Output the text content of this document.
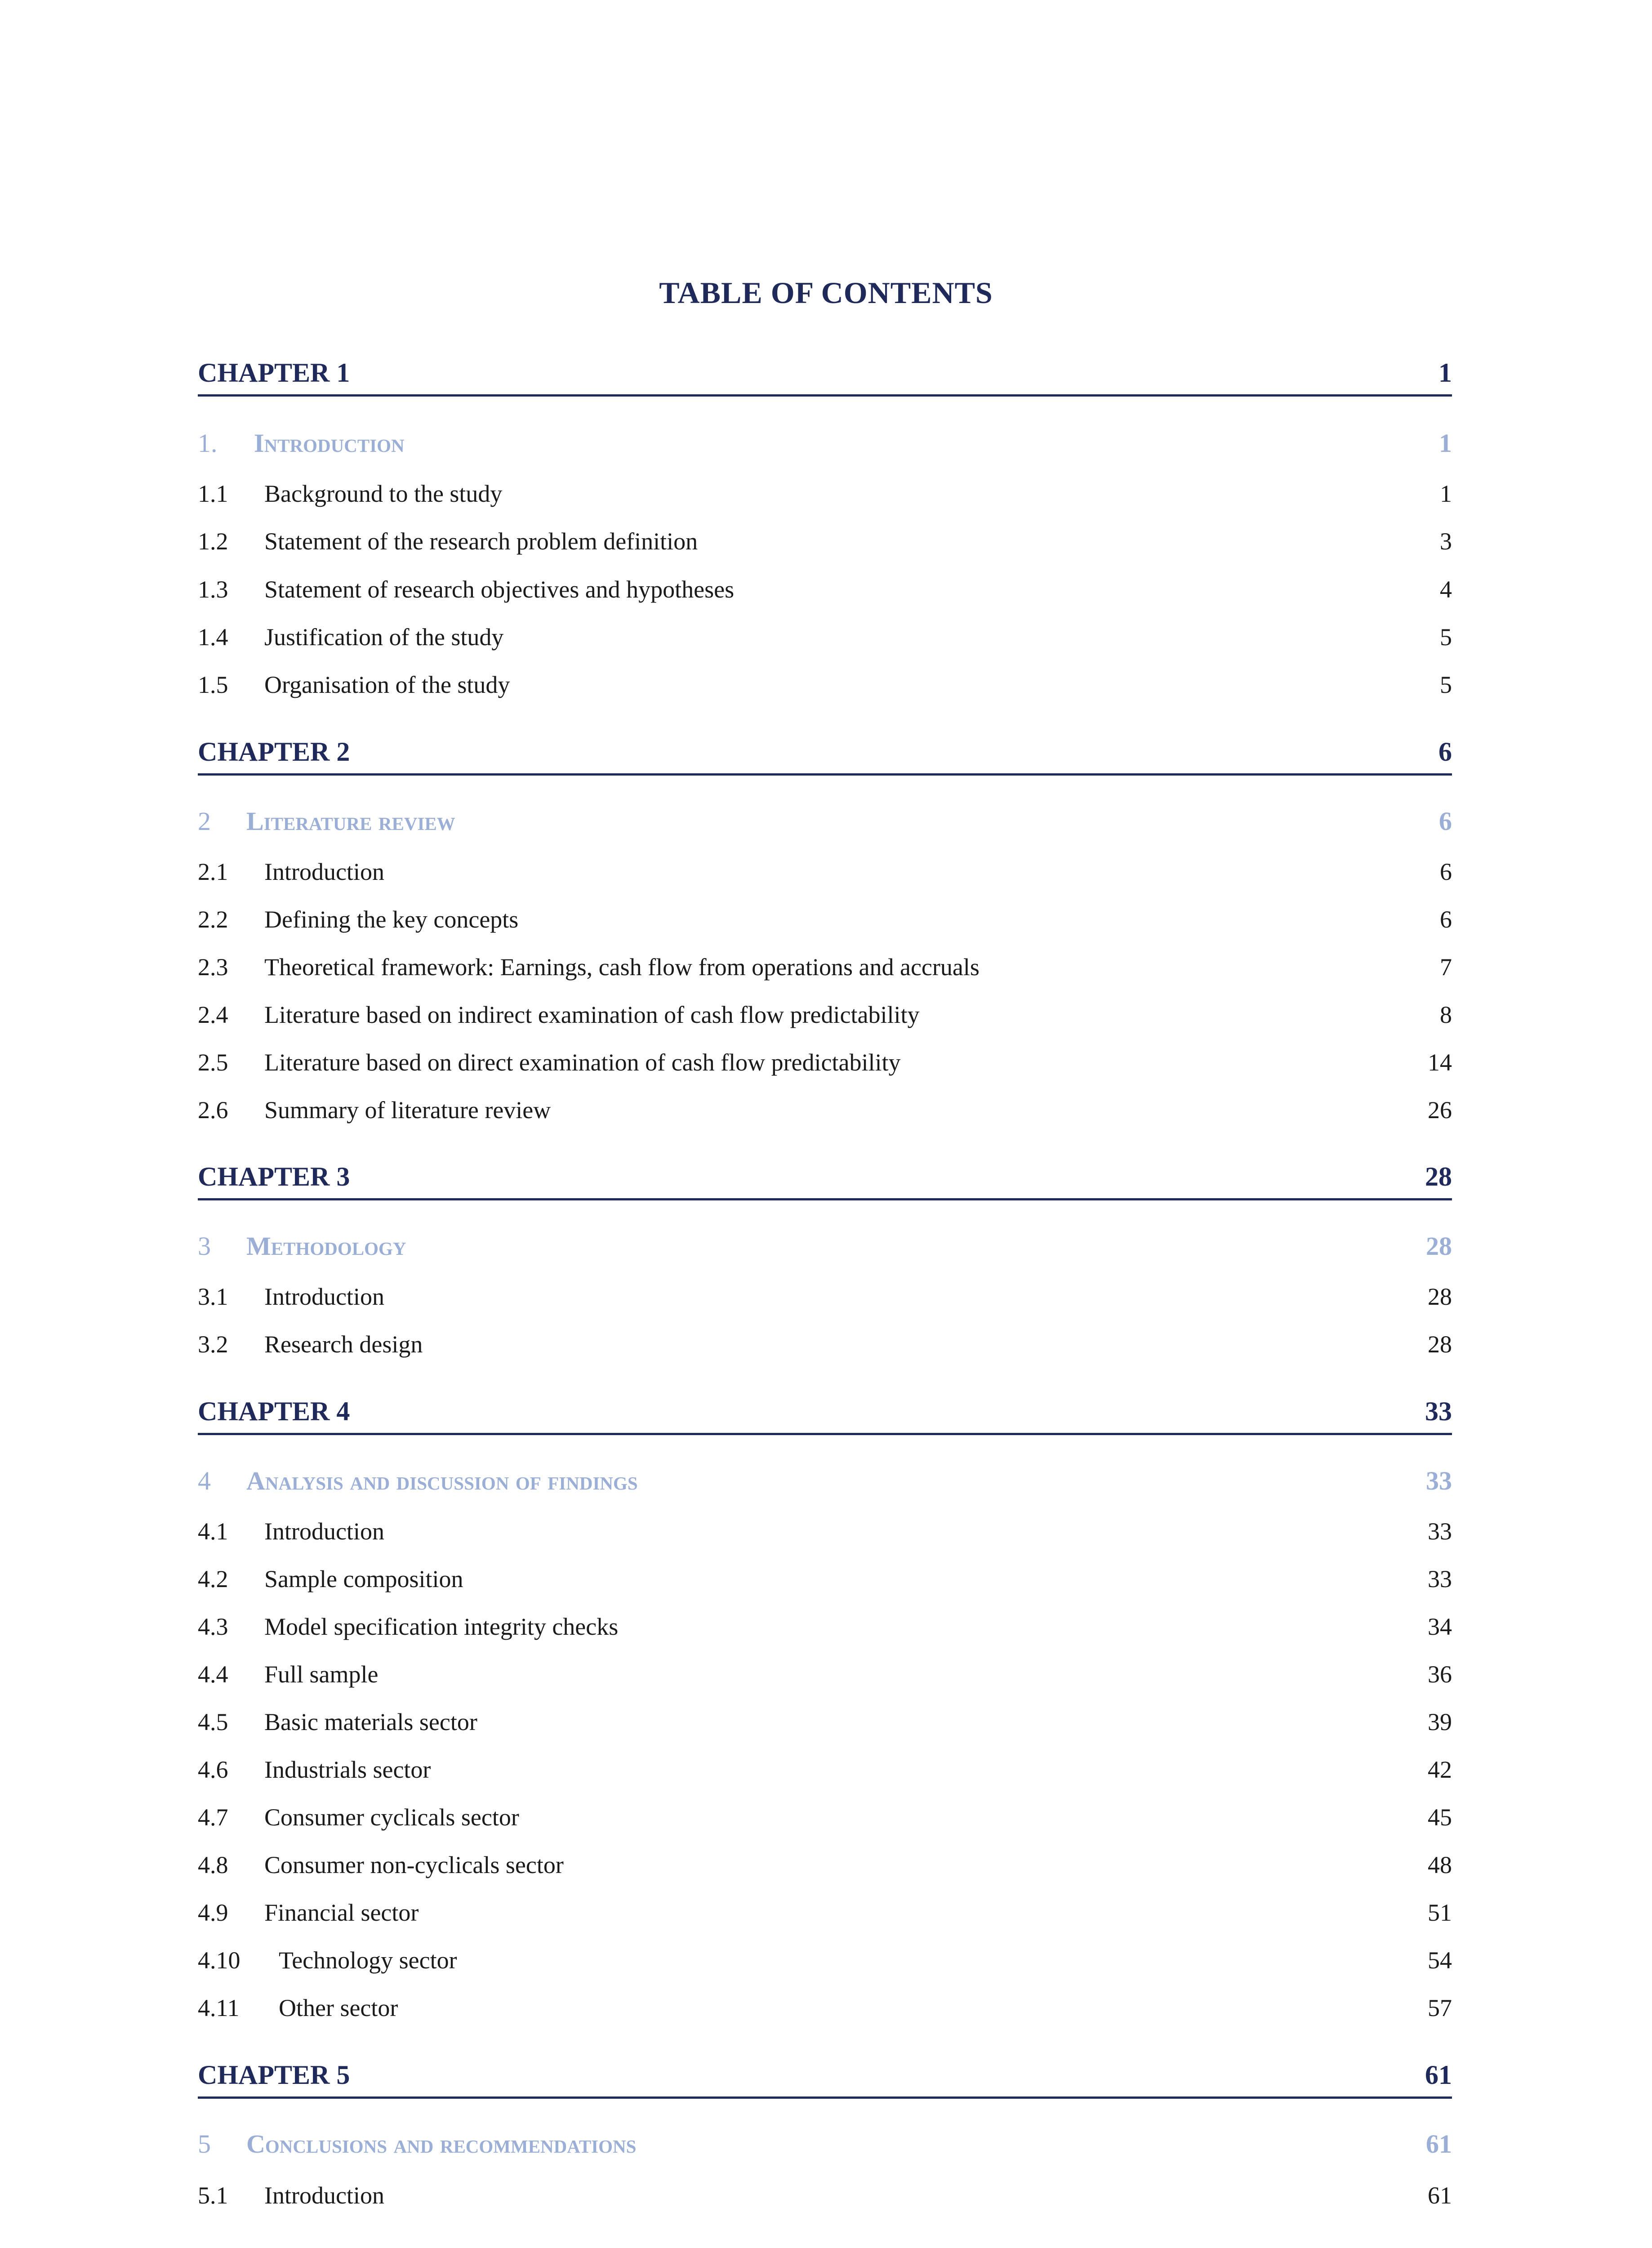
TABLE OF CONTENTS
CHAPTER 1	1
1. Introduction	1
1.1 Background to the study	1
1.2 Statement of the research problem definition	3
1.3 Statement of research objectives and hypotheses	4
1.4 Justification of the study	5
1.5 Organisation of the study	5
CHAPTER 2	6
2 Literature review	6
2.1 Introduction	6
2.2 Defining the key concepts	6
2.3 Theoretical framework: Earnings, cash flow from operations and accruals	7
2.4 Literature based on indirect examination of cash flow predictability	8
2.5 Literature based on direct examination of cash flow predictability	14
2.6 Summary of literature review	26
CHAPTER 3	28
3 Methodology	28
3.1 Introduction	28
3.2 Research design	28
CHAPTER 4	33
4 Analysis and discussion of findings	33
4.1 Introduction	33
4.2 Sample composition	33
4.3 Model specification integrity checks	34
4.4 Full sample	36
4.5 Basic materials sector	39
4.6 Industrials sector	42
4.7 Consumer cyclicals sector	45
4.8 Consumer non-cyclicals sector	48
4.9 Financial sector	51
4.10 Technology sector	54
4.11 Other sector	57
CHAPTER 5	61
5 Conclusions and recommendations	61
5.1 Introduction	61
